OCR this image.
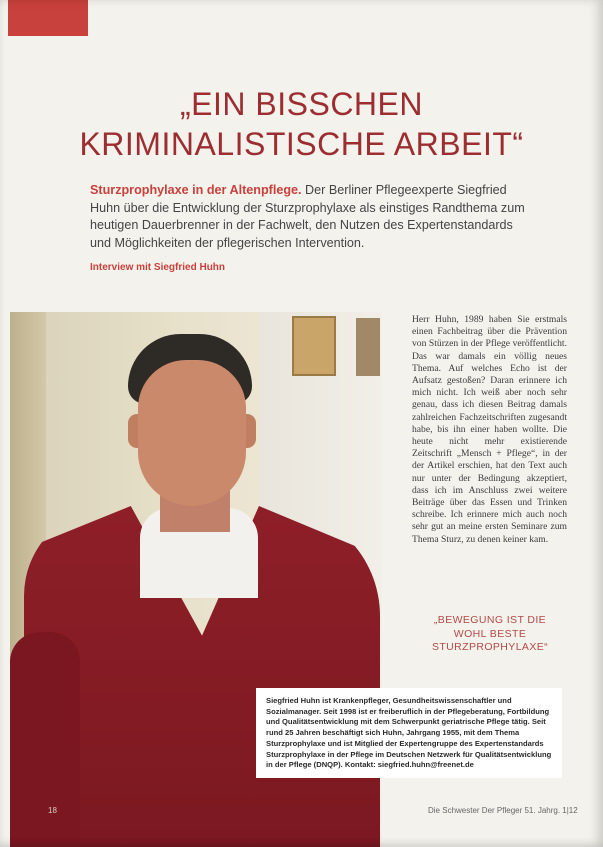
„EIN BISSCHEN
KRIMINALISTISCHE ARBEIT“

Sturzprophylaxe in der Altenpflege. Der Berliner Pflegeexperte Siegfried Huhn über die Entwicklung der Sturzprophylaxe als einstiges Randthema zum heutigen Dauerbrenner in der Fachwelt, den Nutzen des Expertenstandards und Möglichkeiten der pflegerischen Intervention.

Interview mit Siegfried Huhn

Herr Huhn, 1989 haben Sie erstmals einen Fachbeitrag über die Prävention von Stürzen in der Pflege veröffentlicht. Das war damals ein völlig neues Thema. Auf welches Echo ist der Aufsatz gestoßen? Daran erinnere ich mich nicht. Ich weiß aber noch sehr genau, dass ich diesen Beitrag damals zahlreichen Fachzeitschriften zugesandt habe, bis ihn einer haben wollte. Die heute nicht mehr existierende Zeitschrift „Mensch + Pflege“, in der der Artikel erschien, hat den Text auch nur unter der Bedingung akzeptiert, dass ich im Anschluss zwei weitere Beiträge über das Essen und Trinken schreibe. Ich erinnere mich auch noch sehr gut an meine ersten Seminare zum Thema Sturz, zu denen keiner kam.

„BEWEGUNG IST DIE
WOHL BESTE
STURZPROPHYLAXE“

Siegfried Huhn ist Krankenpfleger, Gesundheitswissenschaftler und Sozialmanager. Seit 1998 ist er freiberuflich in der Pflegeberatung, Fortbildung und Qualitätsentwicklung mit dem Schwerpunkt geriatrische Pflege tätig. Seit rund 25 Jahren beschäftigt sich Huhn, Jahrgang 1955, mit dem Thema Sturzprophylaxe und ist Mitglied der Expertengruppe des Expertenstandards Sturzprophylaxe in der Pflege im Deutschen Netzwerk für Qualitätsentwicklung in der Pflege (DNQP). Kontakt: siegfried.huhn@freenet.de

18	Die Schwester Der Pfleger 51. Jahrg. 1|12
